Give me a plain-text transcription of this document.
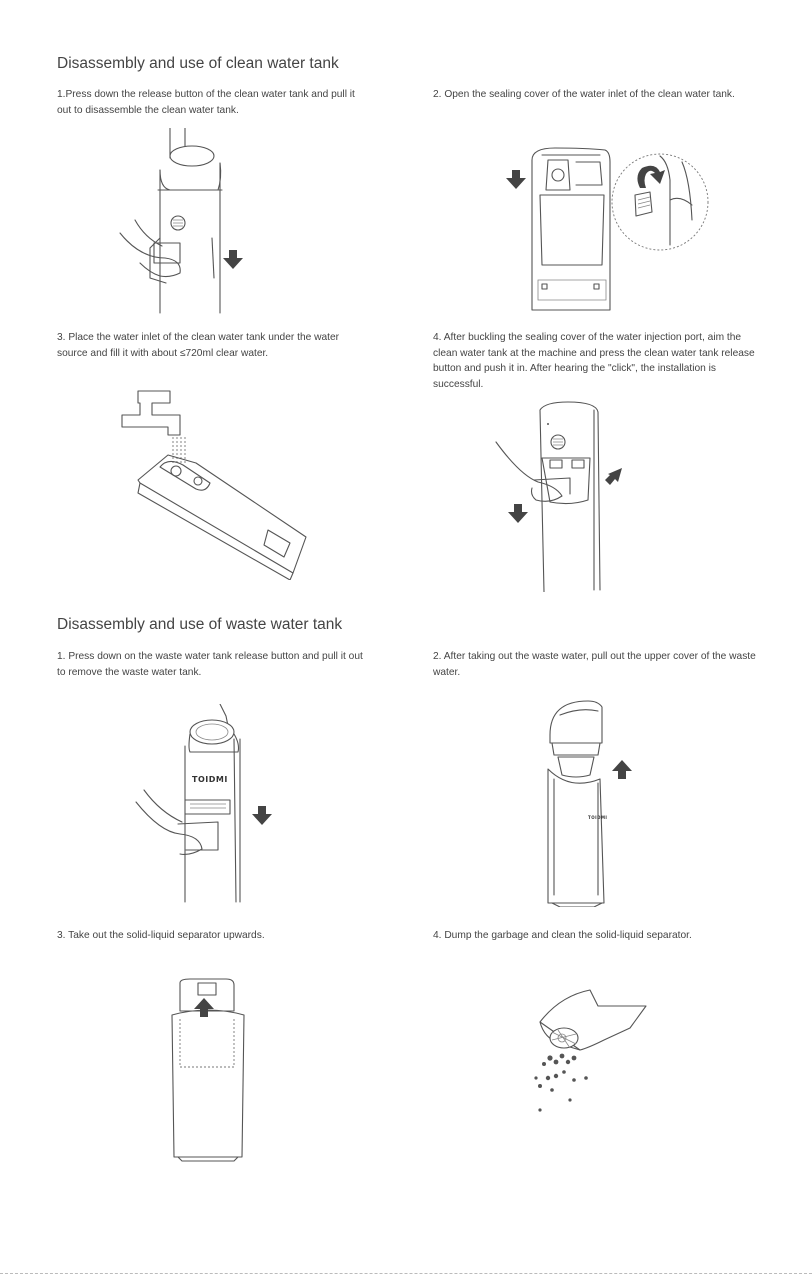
Disassembly and use of clean water tank
1.Press down the release button of the clean water tank and pull it out to disassemble the clean water tank.
2. Open the sealing cover of the water inlet of the clean water tank.
3. Place the water inlet of the clean water tank under the water source and fill it with about ≤720ml clear water.
4. After buckling the sealing cover of the water injection port, aim the clean water tank at the machine and press the clean water tank release button and push it in. After hearing the "click", the installation is successful.
Disassembly and use of waste water tank
1. Press down on the waste water tank release button and pull it out to remove the waste water tank.
2. After taking out the waste water, pull out the upper cover of the waste water.
TOIDMI
TOIDMI
3. Take out the solid-liquid separator upwards.	4. Dump the garbage and clean the solid-liquid separator.
